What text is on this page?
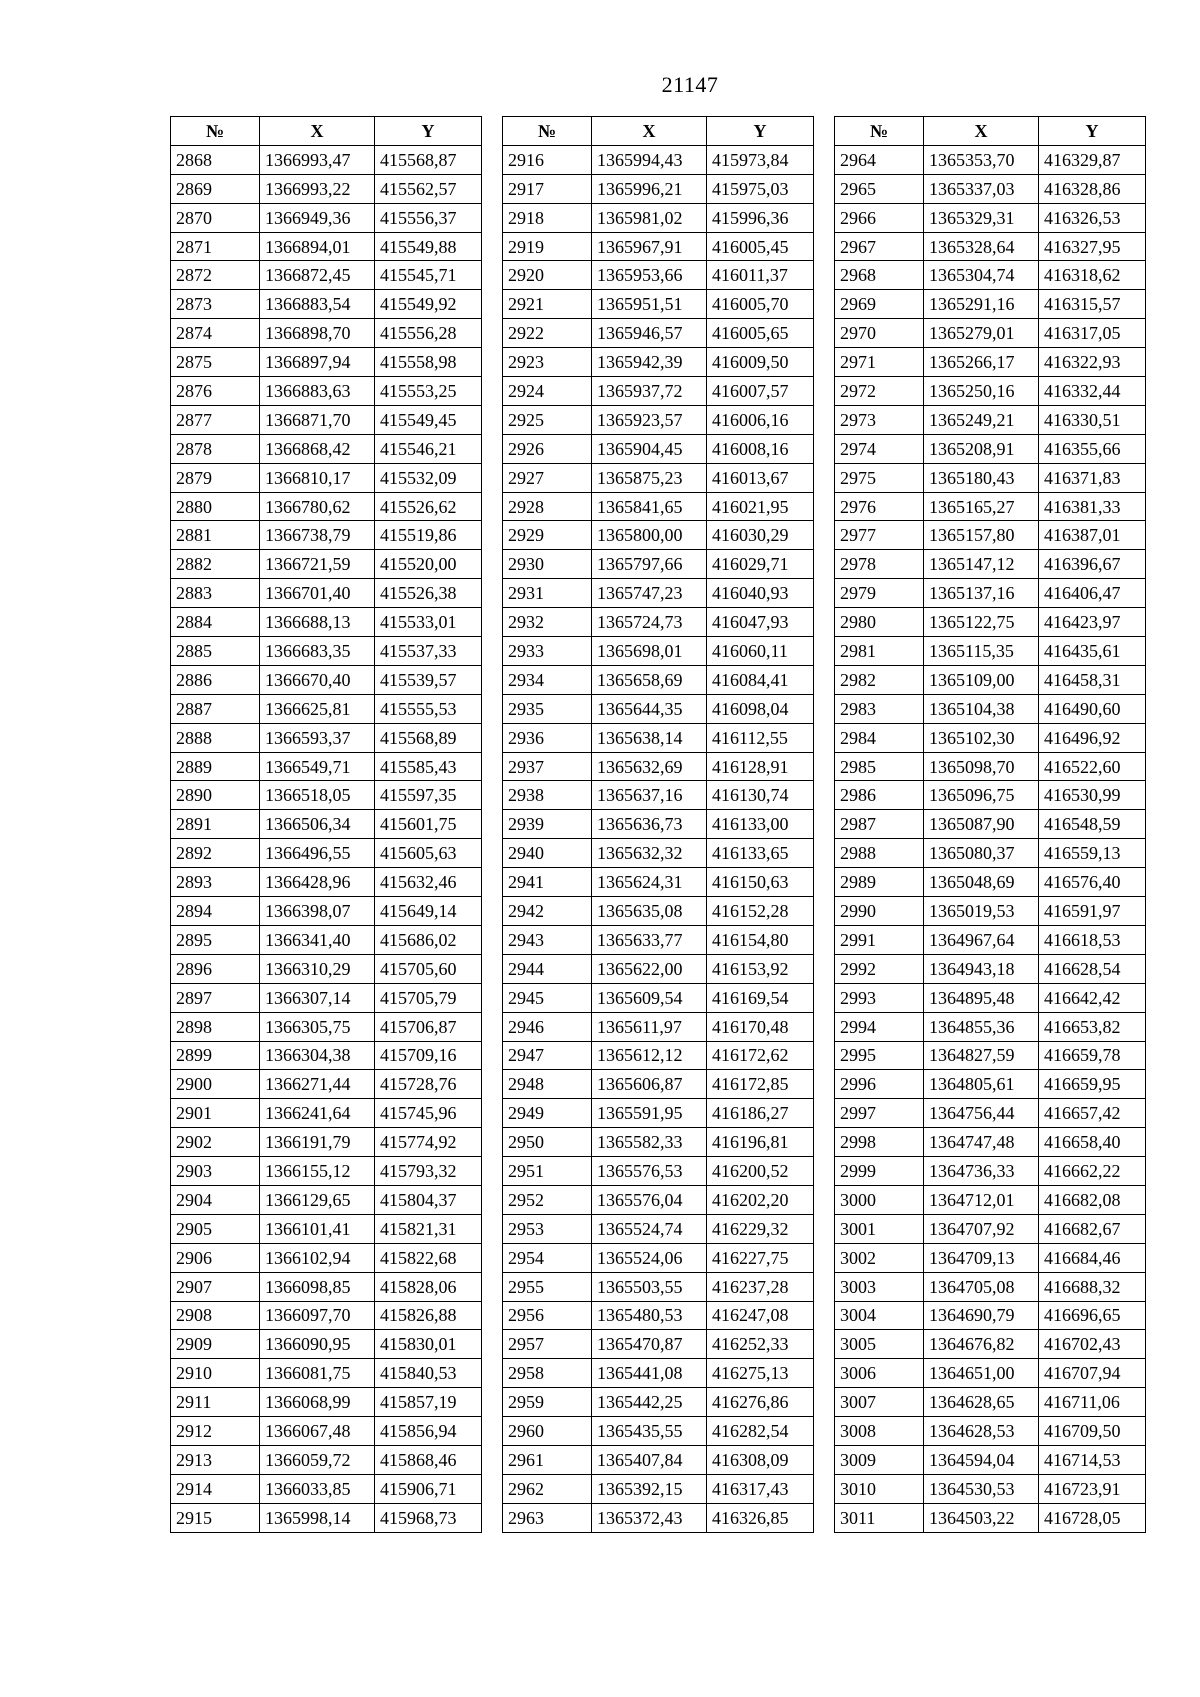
21147
№	X	Y
2868	1366993,47	415568,87
2869	1366993,22	415562,57
2870	1366949,36	415556,37
2871	1366894,01	415549,88
2872	1366872,45	415545,71
2873	1366883,54	415549,92
2874	1366898,70	415556,28
2875	1366897,94	415558,98
2876	1366883,63	415553,25
2877	1366871,70	415549,45
2878	1366868,42	415546,21
2879	1366810,17	415532,09
2880	1366780,62	415526,62
2881	1366738,79	415519,86
2882	1366721,59	415520,00
2883	1366701,40	415526,38
2884	1366688,13	415533,01
2885	1366683,35	415537,33
2886	1366670,40	415539,57
2887	1366625,81	415555,53
2888	1366593,37	415568,89
2889	1366549,71	415585,43
2890	1366518,05	415597,35
2891	1366506,34	415601,75
2892	1366496,55	415605,63
2893	1366428,96	415632,46
2894	1366398,07	415649,14
2895	1366341,40	415686,02
2896	1366310,29	415705,60
2897	1366307,14	415705,79
2898	1366305,75	415706,87
2899	1366304,38	415709,16
2900	1366271,44	415728,76
2901	1366241,64	415745,96
2902	1366191,79	415774,92
2903	1366155,12	415793,32
2904	1366129,65	415804,37
2905	1366101,41	415821,31
2906	1366102,94	415822,68
2907	1366098,85	415828,06
2908	1366097,70	415826,88
2909	1366090,95	415830,01
2910	1366081,75	415840,53
2911	1366068,99	415857,19
2912	1366067,48	415856,94
2913	1366059,72	415868,46
2914	1366033,85	415906,71
2915	1365998,14	415968,73
№	X	Y
2916	1365994,43	415973,84
2917	1365996,21	415975,03
2918	1365981,02	415996,36
2919	1365967,91	416005,45
2920	1365953,66	416011,37
2921	1365951,51	416005,70
2922	1365946,57	416005,65
2923	1365942,39	416009,50
2924	1365937,72	416007,57
2925	1365923,57	416006,16
2926	1365904,45	416008,16
2927	1365875,23	416013,67
2928	1365841,65	416021,95
2929	1365800,00	416030,29
2930	1365797,66	416029,71
2931	1365747,23	416040,93
2932	1365724,73	416047,93
2933	1365698,01	416060,11
2934	1365658,69	416084,41
2935	1365644,35	416098,04
2936	1365638,14	416112,55
2937	1365632,69	416128,91
2938	1365637,16	416130,74
2939	1365636,73	416133,00
2940	1365632,32	416133,65
2941	1365624,31	416150,63
2942	1365635,08	416152,28
2943	1365633,77	416154,80
2944	1365622,00	416153,92
2945	1365609,54	416169,54
2946	1365611,97	416170,48
2947	1365612,12	416172,62
2948	1365606,87	416172,85
2949	1365591,95	416186,27
2950	1365582,33	416196,81
2951	1365576,53	416200,52
2952	1365576,04	416202,20
2953	1365524,74	416229,32
2954	1365524,06	416227,75
2955	1365503,55	416237,28
2956	1365480,53	416247,08
2957	1365470,87	416252,33
2958	1365441,08	416275,13
2959	1365442,25	416276,86
2960	1365435,55	416282,54
2961	1365407,84	416308,09
2962	1365392,15	416317,43
2963	1365372,43	416326,85
№	X	Y
2964	1365353,70	416329,87
2965	1365337,03	416328,86
2966	1365329,31	416326,53
2967	1365328,64	416327,95
2968	1365304,74	416318,62
2969	1365291,16	416315,57
2970	1365279,01	416317,05
2971	1365266,17	416322,93
2972	1365250,16	416332,44
2973	1365249,21	416330,51
2974	1365208,91	416355,66
2975	1365180,43	416371,83
2976	1365165,27	416381,33
2977	1365157,80	416387,01
2978	1365147,12	416396,67
2979	1365137,16	416406,47
2980	1365122,75	416423,97
2981	1365115,35	416435,61
2982	1365109,00	416458,31
2983	1365104,38	416490,60
2984	1365102,30	416496,92
2985	1365098,70	416522,60
2986	1365096,75	416530,99
2987	1365087,90	416548,59
2988	1365080,37	416559,13
2989	1365048,69	416576,40
2990	1365019,53	416591,97
2991	1364967,64	416618,53
2992	1364943,18	416628,54
2993	1364895,48	416642,42
2994	1364855,36	416653,82
2995	1364827,59	416659,78
2996	1364805,61	416659,95
2997	1364756,44	416657,42
2998	1364747,48	416658,40
2999	1364736,33	416662,22
3000	1364712,01	416682,08
3001	1364707,92	416682,67
3002	1364709,13	416684,46
3003	1364705,08	416688,32
3004	1364690,79	416696,65
3005	1364676,82	416702,43
3006	1364651,00	416707,94
3007	1364628,65	416711,06
3008	1364628,53	416709,50
3009	1364594,04	416714,53
3010	1364530,53	416723,91
3011	1364503,22	416728,05
